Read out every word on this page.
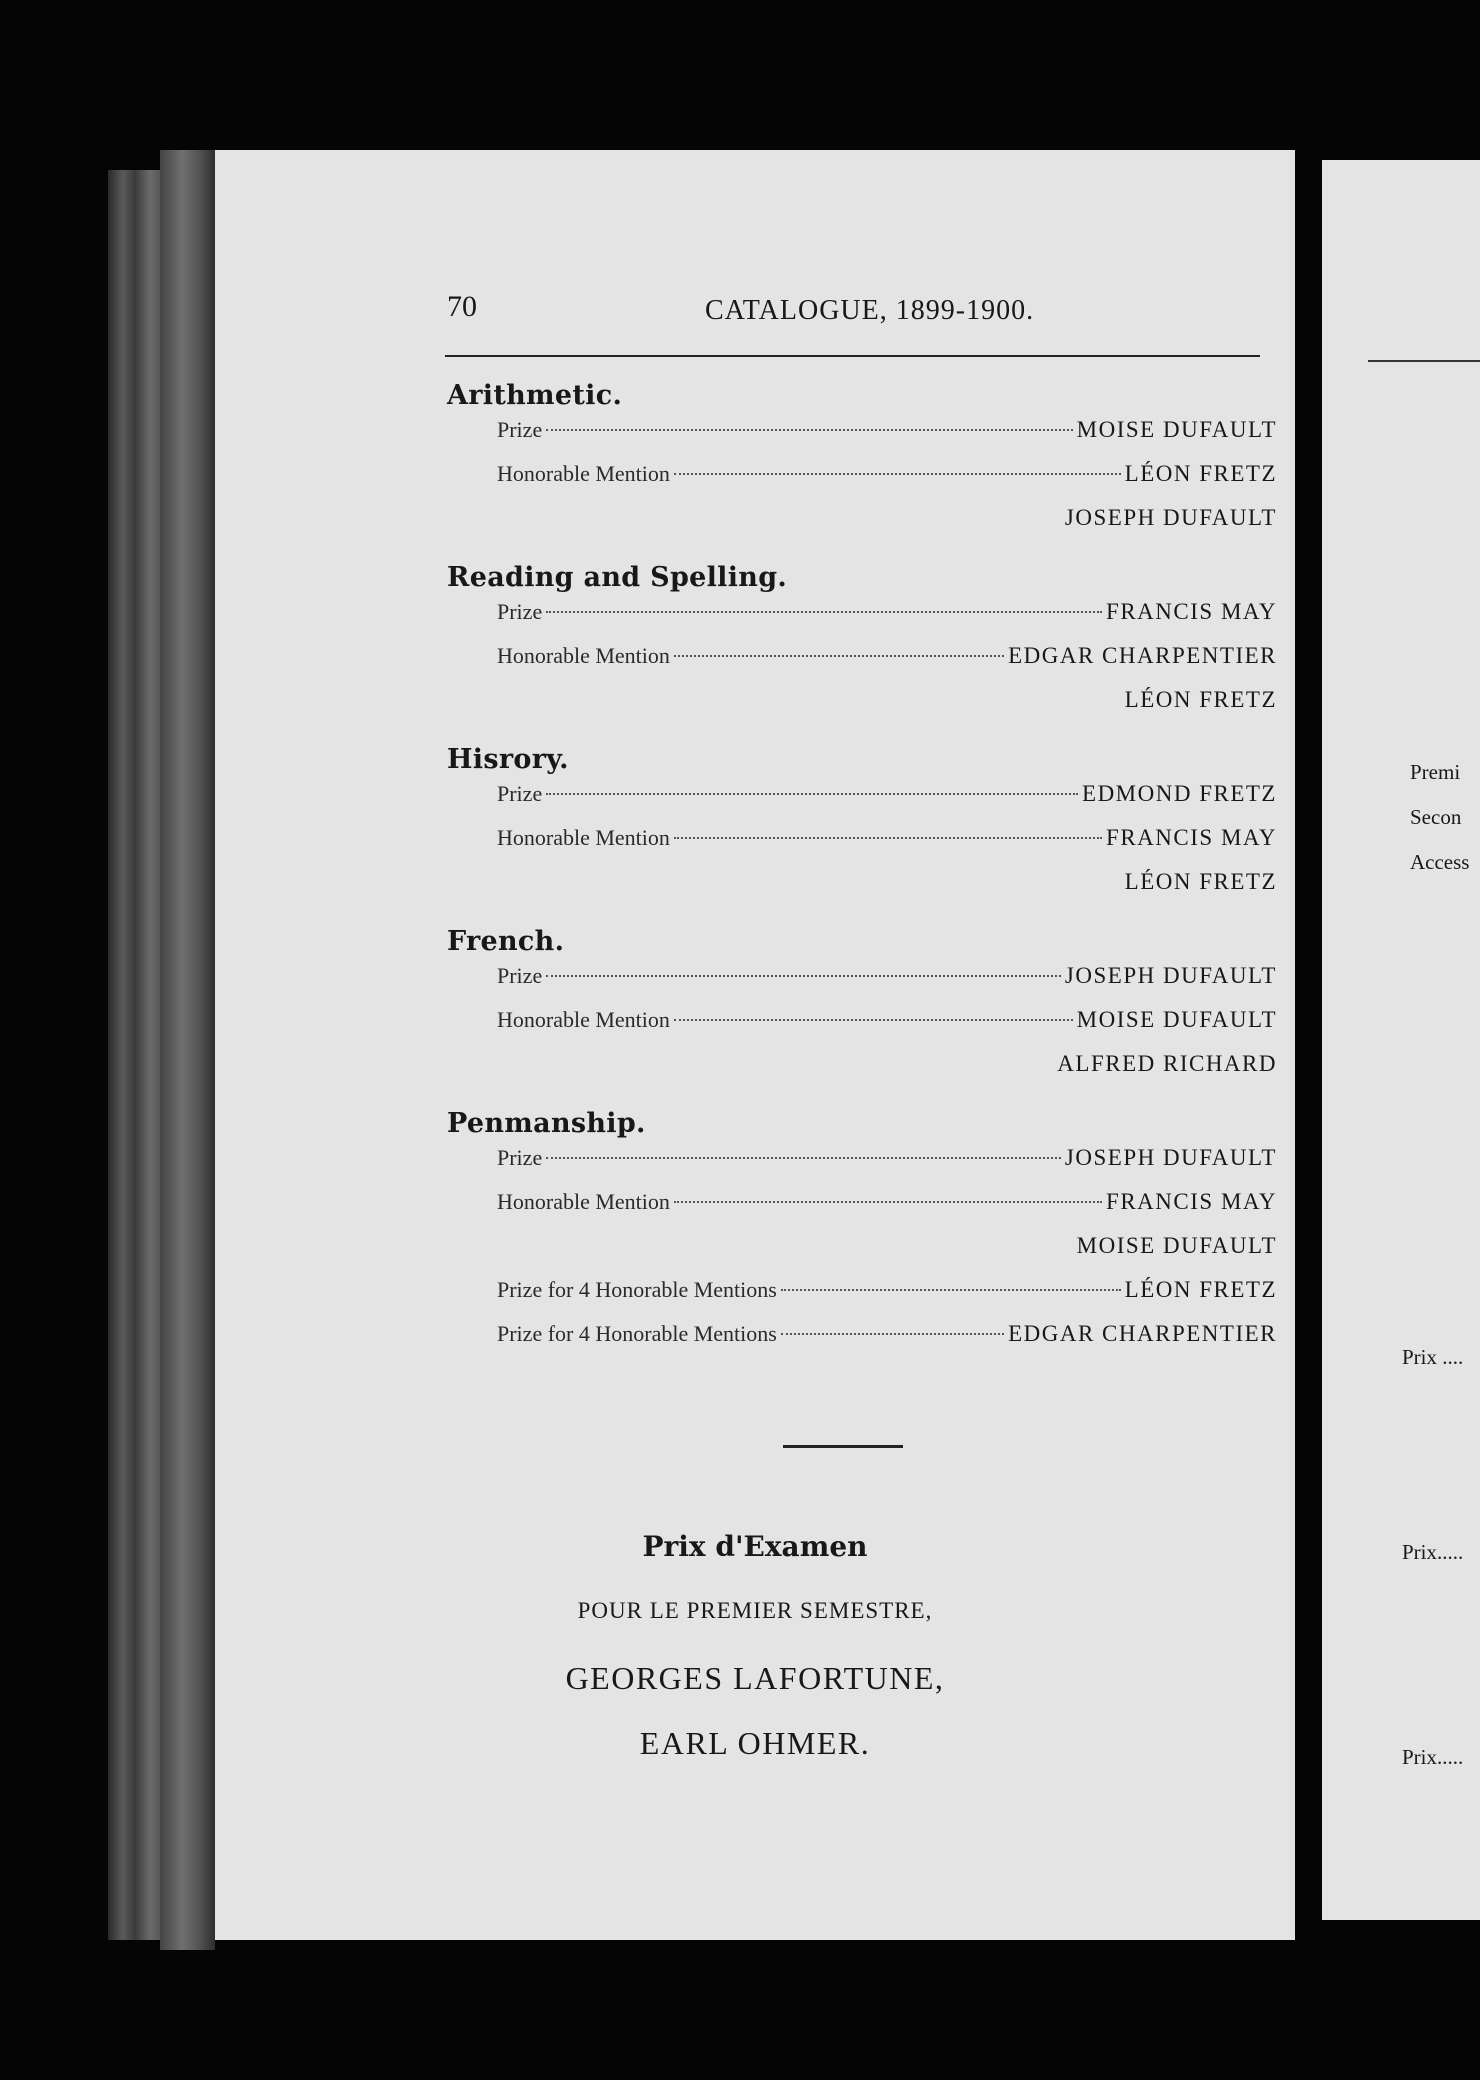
70	CATALOGUE, 1899-1900.
Arithmetic.
Prize	MOISE DUFAULT
Honorable Mention	LÉON FRETZ
JOSEPH DUFAULT
Reading and Spelling.
Prize	FRANCIS MAY
Honorable Mention	EDGAR CHARPENTIER
LÉON FRETZ
Hisrory.
Prize	EDMOND FRETZ
Honorable Mention	FRANCIS MAY
LÉON FRETZ
French.
Prize	JOSEPH DUFAULT
Honorable Mention	MOISE DUFAULT
ALFRED RICHARD
Penmanship.
Prize	JOSEPH DUFAULT
Honorable Mention	FRANCIS MAY
MOISE DUFAULT
Prize for 4 Honorable Mentions	LÉON FRETZ
Prize for 4 Honorable Mentions	EDGAR CHARPENTIER
Prix d'Examen
POUR LE PREMIER SEMESTRE,
GEORGES LAFORTUNE,
EARL OHMER.
Premi
Secon
Access
Prix ....
Prix.....
Prix.....
